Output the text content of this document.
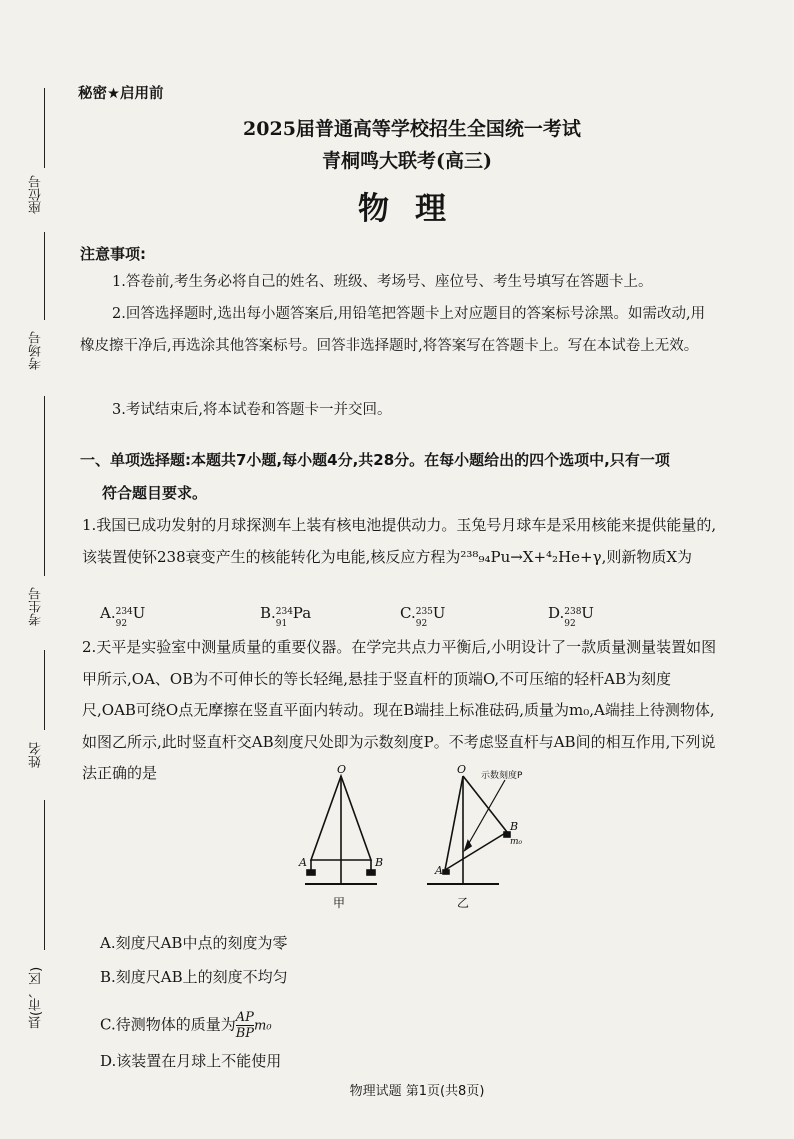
座位号
考场号
考生号
姓名
县(市、区)
秘密★启用前
2025届普通高等学校招生全国统一考试
青桐鸣大联考(高三)
物理
注意事项:
1.答卷前,考生务必将自己的姓名、班级、考场号、座位号、考生号填写在答题卡上。
2.回答选择题时,选出每小题答案后,用铅笔把答题卡上对应题目的答案标号涂黑。如需改动,用橡皮擦干净后,再选涂其他答案标号。回答非选择题时,将答案写在答题卡上。写在本试卷上无效。
3.考试结束后,将本试卷和答题卡一并交回。
一、单项选择题:本题共7小题,每小题4分,共28分。在每小题给出的四个选项中,只有一项
符合题目要求。
1.我国已成功发射的月球探测车上装有核电池提供动力。玉兔号月球车是采用核能来提供能量的,该装置使钚238衰变产生的核能转化为电能,核反应方程为²³⁸₉₄Pu→X+⁴₂He+γ,则新物质X为
A. 234
92
U	B. 234
91
Pa	C. 235
92
U	D. 238
92
U
2.天平是实验室中测量质量的重要仪器。在学完共点力平衡后,小明设计了一款质量测量装置如图甲所示,OA、OB为不可伸长的等长轻绳,悬挂于竖直杆的顶端O,不可压缩的轻杆AB为刻度尺,OAB可绕O点无摩擦在竖直平面内转动。现在B端挂上标准砝码,质量为m₀,A端挂上待测物体,如图乙所示,此时竖直杆交AB刻度尺处即为示数刻度P。不考虑竖直杆与AB间的相互作用,下列说法正确的是	O
A	B
O
A
B
m₀
示数刻度P
甲	乙
A.刻度尺AB中点的刻度为零
B.刻度尺AB上的刻度不均匀
C.待测物体的质量为 $\frac{AP}{BP} m_0$
D.该装置在月球上不能使用
物理试题 第1页(共8页)
